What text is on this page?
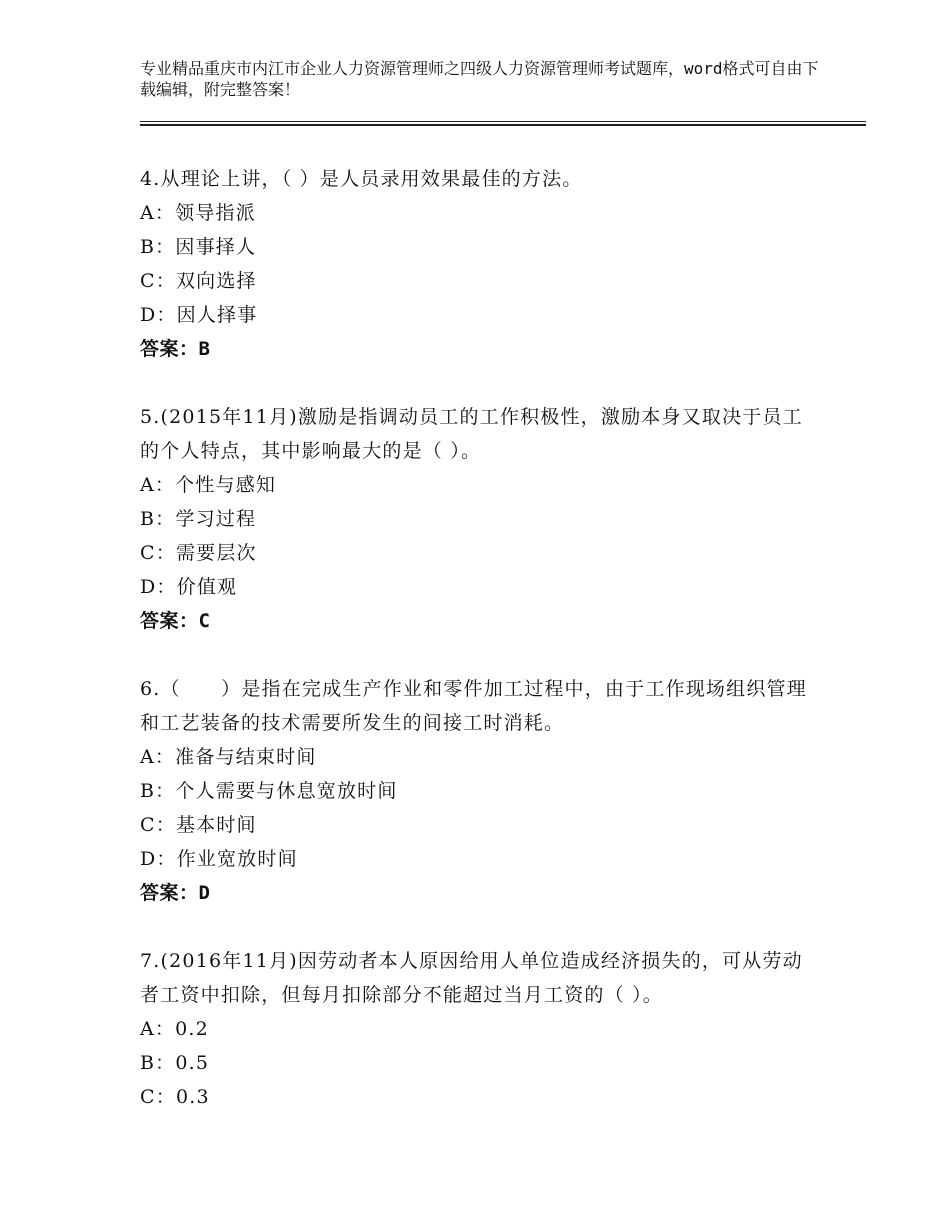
专业精品重庆市内江市企业人力资源管理师之四级人力资源管理师考试题库，word格式可自由下载编辑，附完整答案！
4.从理论上讲，（ ）是人员录用效果最佳的方法。
A：领导指派
B：因事择人
C：双向选择
D：因人择事
答案：B
5.(2015年11月)激励是指调动员工的工作积极性，激励本身又取决于员工的个人特点，其中影响最大的是（ ）。
A：个性与感知
B：学习过程
C：需要层次
D：价值观
答案：C
6.（　　）是指在完成生产作业和零件加工过程中，由于工作现场组织管理和工艺装备的技术需要所发生的间接工时消耗。
A：准备与结束时间
B：个人需要与休息宽放时间
C：基本时间
D：作业宽放时间
答案：D
7.(2016年11月)因劳动者本人原因给用人单位造成经济损失的，可从劳动者工资中扣除，但每月扣除部分不能超过当月工资的（ ）。
A：0.2
B：0.5
C：0.3
